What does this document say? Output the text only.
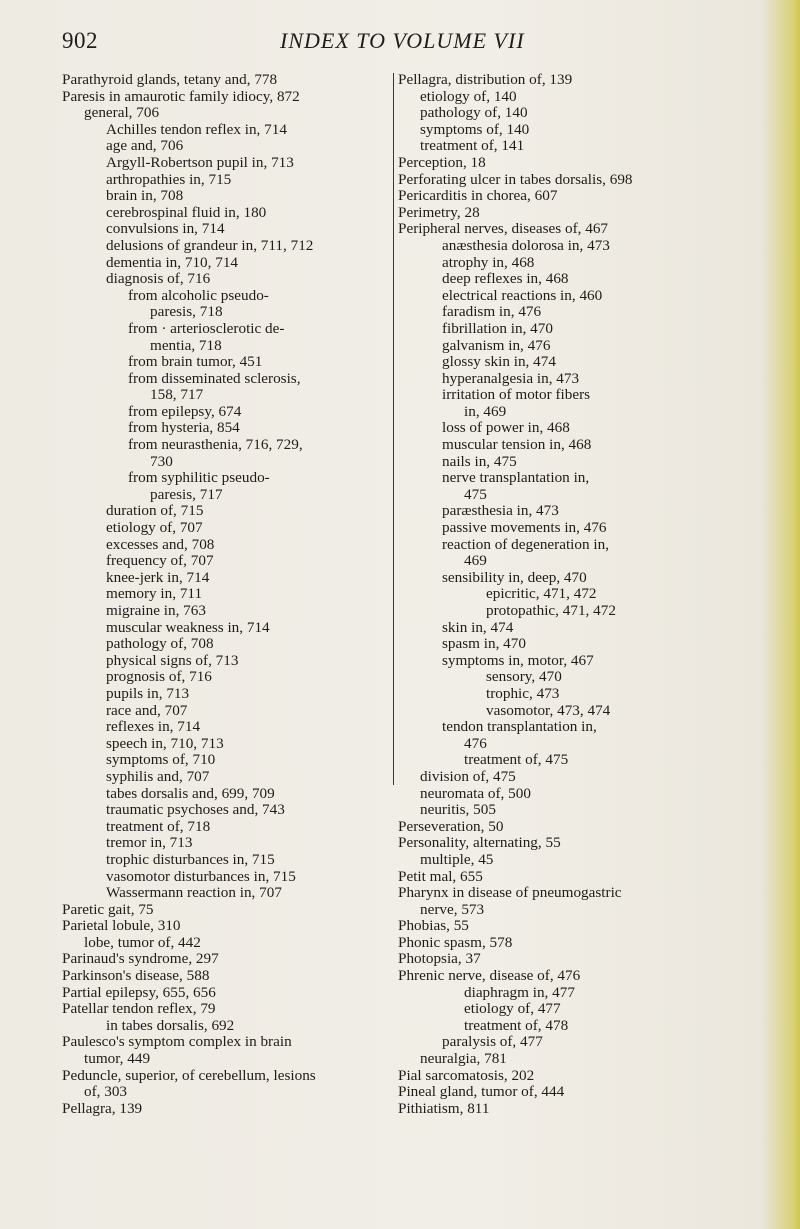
902	INDEX TO VOLUME VII
Parathyroid glands, tetany and, 778
Paresis in amaurotic family idiocy, 872
general, 706
Achilles tendon reflex in, 714
age and, 706
Argyll-Robertson pupil in, 713
arthropathies in, 715
brain in, 708
cerebrospinal fluid in, 180
convulsions in, 714
delusions of grandeur in, 711, 712
dementia in, 710, 714
diagnosis of, 716
from alcoholic pseudo-
paresis, 718
from · arteriosclerotic de-
mentia, 718
from brain tumor, 451
from disseminated sclerosis,
158, 717
from epilepsy, 674
from hysteria, 854
from neurasthenia, 716, 729,
730
from syphilitic pseudo-
paresis, 717
duration of, 715
etiology of, 707
excesses and, 708
frequency of, 707
knee-jerk in, 714
memory in, 711
migraine in, 763
muscular weakness in, 714
pathology of, 708
physical signs of, 713
prognosis of, 716
pupils in, 713
race and, 707
reflexes in, 714
speech in, 710, 713
symptoms of, 710
syphilis and, 707
tabes dorsalis and, 699, 709
traumatic psychoses and, 743
treatment of, 718
tremor in, 713
trophic disturbances in, 715
vasomotor disturbances in, 715
Wassermann reaction in, 707
Paretic gait, 75
Parietal lobule, 310
lobe, tumor of, 442
Parinaud's syndrome, 297
Parkinson's disease, 588
Partial epilepsy, 655, 656
Patellar tendon reflex, 79
in tabes dorsalis, 692
Paulesco's symptom complex in brain
tumor, 449
Peduncle, superior, of cerebellum, lesions
of, 303
Pellagra, 139
Pellagra, distribution of, 139
etiology of, 140
pathology of, 140
symptoms of, 140
treatment of, 141
Perception, 18
Perforating ulcer in tabes dorsalis, 698
Pericarditis in chorea, 607
Perimetry, 28
Peripheral nerves, diseases of, 467
anæsthesia dolorosa in, 473
atrophy in, 468
deep reflexes in, 468
electrical reactions in, 460
faradism in, 476
fibrillation in, 470
galvanism in, 476
glossy skin in, 474
hyperanalgesia in, 473
irritation of motor fibers
in, 469
loss of power in, 468
muscular tension in, 468
nails in, 475
nerve transplantation in,
475
paræsthesia in, 473
passive movements in, 476
reaction of degeneration in,
469
sensibility in, deep, 470
epicritic, 471, 472
protopathic, 471, 472
skin in, 474
spasm in, 470
symptoms in, motor, 467
sensory, 470
trophic, 473
vasomotor, 473, 474
tendon transplantation in,
476
treatment of, 475
division of, 475
neuromata of, 500
neuritis, 505
Perseveration, 50
Personality, alternating, 55
multiple, 45
Petit mal, 655
Pharynx in disease of pneumogastric
nerve, 573
Phobias, 55
Phonic spasm, 578
Photopsia, 37
Phrenic nerve, disease of, 476
diaphragm in, 477
etiology of, 477
treatment of, 478
paralysis of, 477
neuralgia, 781
Pial sarcomatosis, 202
Pineal gland, tumor of, 444
Pithiatism, 811
